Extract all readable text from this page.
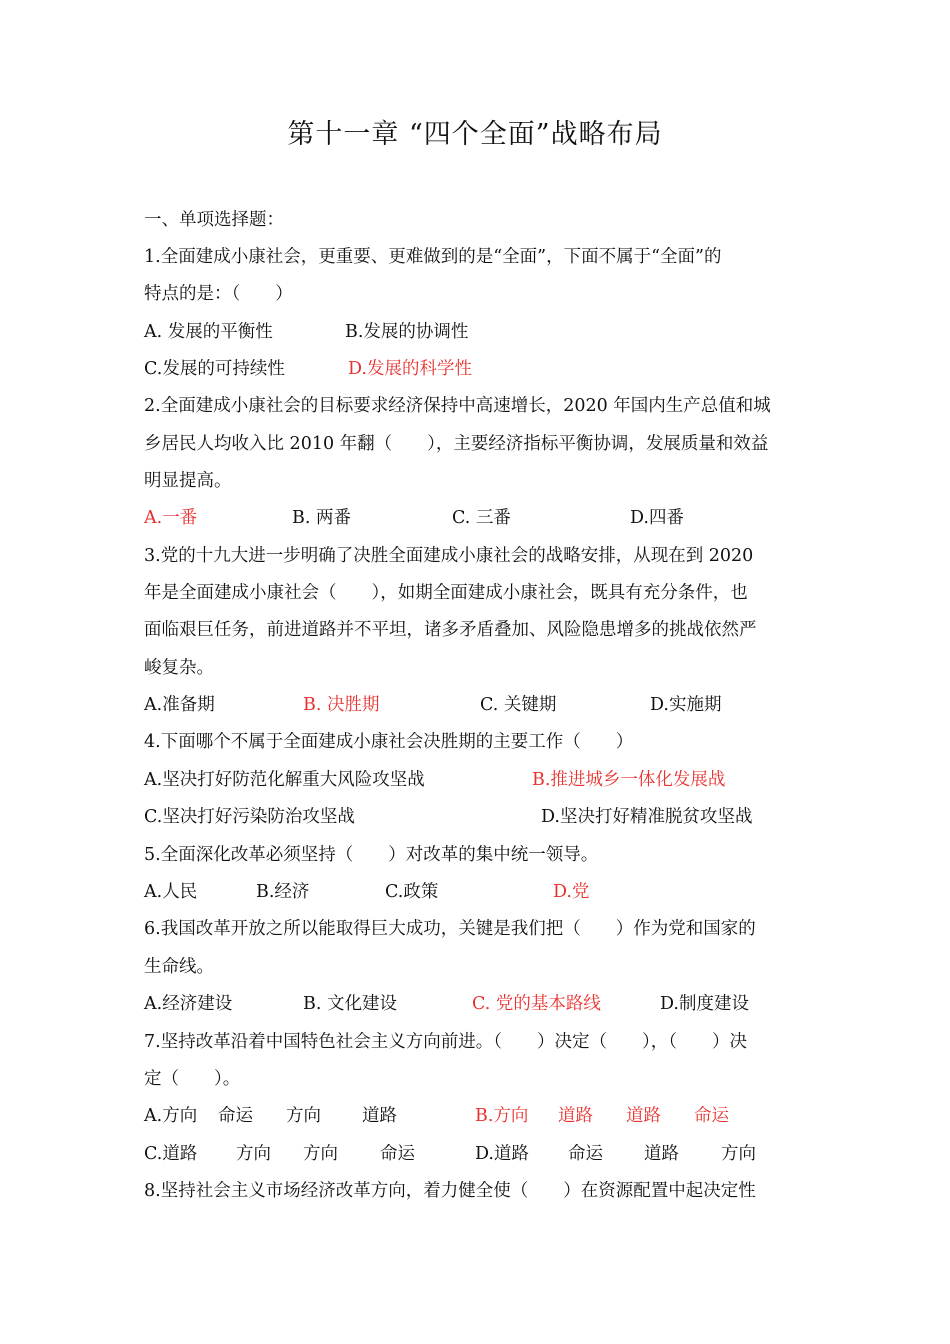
第十一章 “四个全面”战略布局
一、单项选择题：
1.全面建成小康社会，更重要、更难做到的是“全面”，下面不属于“全面”的
特点的是：（　　）
A. 发展的平衡性	B.发展的协调性
C.发展的可持续性	D.发展的科学性
2.全面建成小康社会的目标要求经济保持中高速增长，2020 年国内生产总值和城
乡居民人均收入比 2010 年翻（　　），主要经济指标平衡协调，发展质量和效益
明显提高。
A.一番	B. 两番	C. 三番	D.四番
3.党的十九大进一步明确了决胜全面建成小康社会的战略安排，从现在到 2020
年是全面建成小康社会（　　），如期全面建成小康社会，既具有充分条件，也
面临艰巨任务，前进道路并不平坦，诸多矛盾叠加、风险隐患增多的挑战依然严
峻复杂。
A.准备期	B. 决胜期	C. 关键期	D.实施期
4.下面哪个不属于全面建成小康社会决胜期的主要工作（　　）
A.坚决打好防范化解重大风险攻坚战	B.推进城乡一体化发展战
C.坚决打好污染防治攻坚战	D.坚决打好精准脱贫攻坚战
5.全面深化改革必须坚持（　　）对改革的集中统一领导。
A.人民	B.经济	C.政策	D.党
6.我国改革开放之所以能取得巨大成功，关键是我们把（　　）作为党和国家的
生命线。
A.经济建设	B. 文化建设	C. 党的基本路线	D.制度建设
7.坚持改革沿着中国特色社会主义方向前进。（　　）决定（　　），（　　）决
定（　　）。
A.方向 命运 方向 道路	B.方向 道路 道路 命运
C.道路 方向 方向 命运	D.道路 命运 道路 方向
8.坚持社会主义市场经济改革方向，着力健全使（　　）在资源配置中起决定性
